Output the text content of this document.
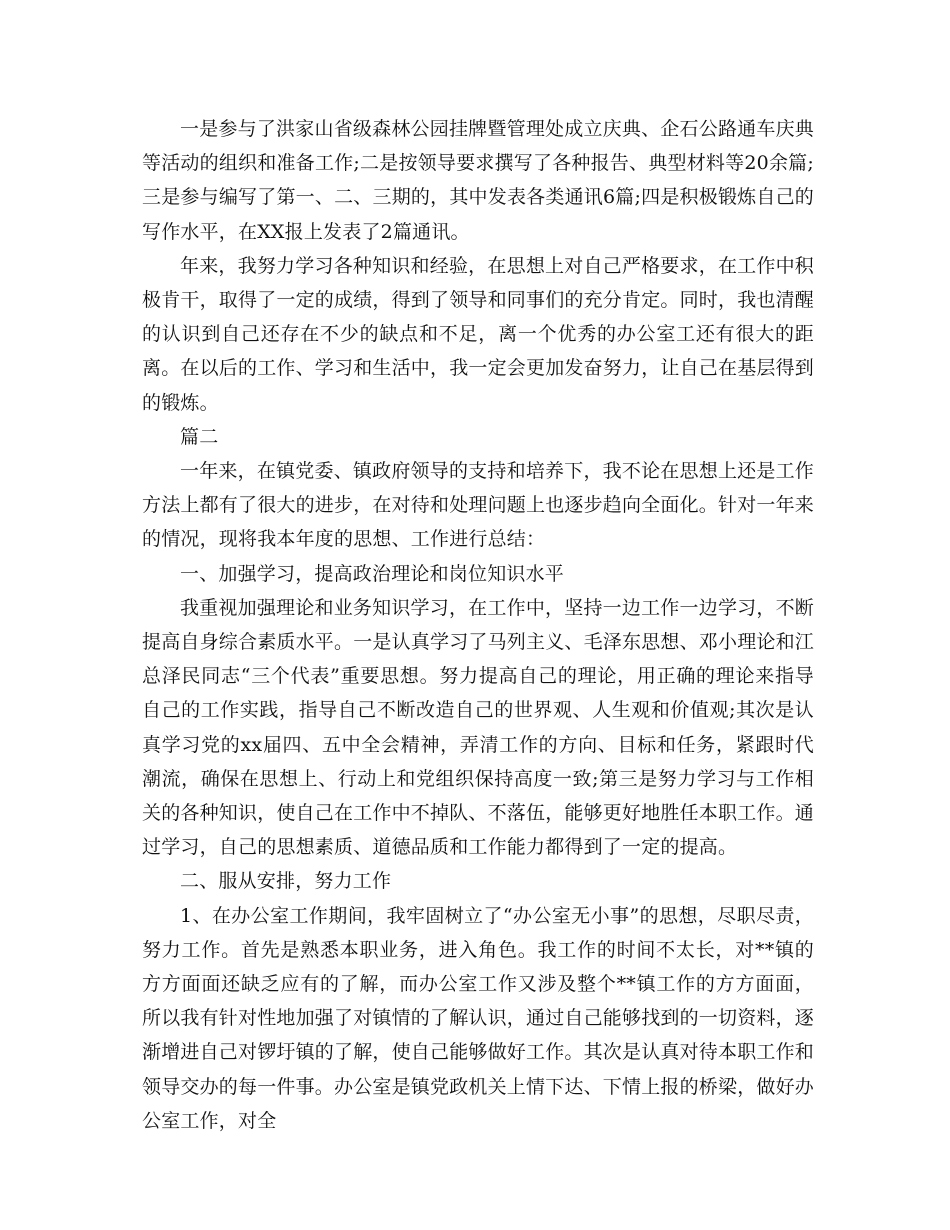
一是参与了洪家山省级森林公园挂牌暨管理处成立庆典、企石公路通车庆典等活动的组织和准备工作;二是按领导要求撰写了各种报告、典型材料等20余篇;三是参与编写了第一、二、三期的，其中发表各类通讯6篇;四是积极锻炼自己的写作水平，在XX报上发表了2篇通讯。

年来，我努力学习各种知识和经验，在思想上对自己严格要求，在工作中积极肯干，取得了一定的成绩，得到了领导和同事们的充分肯定。同时，我也清醒的认识到自己还存在不少的缺点和不足，离一个优秀的办公室工还有很大的距离。在以后的工作、学习和生活中，我一定会更加发奋努力，让自己在基层得到的锻炼。

篇二

一年来，在镇党委、镇政府领导的支持和培养下，我不论在思想上还是工作方法上都有了很大的进步，在对待和处理问题上也逐步趋向全面化。针对一年来的情况，现将我本年度的思想、工作进行总结：

一、加强学习，提高政治理论和岗位知识水平

我重视加强理论和业务知识学习，在工作中，坚持一边工作一边学习，不断提高自身综合素质水平。一是认真学习了马列主义、毛泽东思想、邓小理论和江总泽民同志“三个代表”重要思想。努力提高自己的理论，用正确的理论来指导自己的工作实践，指导自己不断改造自己的世界观、人生观和价值观;其次是认真学习党的xx届四、五中全会精神，弄清工作的方向、目标和任务，紧跟时代潮流，确保在思想上、行动上和党组织保持高度一致;第三是努力学习与工作相关的各种知识，使自己在工作中不掉队、不落伍，能够更好地胜任本职工作。通过学习，自己的思想素质、道德品质和工作能力都得到了一定的提高。

二、服从安排，努力工作

1、在办公室工作期间，我牢固树立了“办公室无小事”的思想，尽职尽责，努力工作。首先是熟悉本职业务，进入角色。我工作的时间不太长，对**镇的方方面面还缺乏应有的了解，而办公室工作又涉及整个**镇工作的方方面面，所以我有针对性地加强了对镇情的了解认识，通过自己能够找到的一切资料，逐渐增进自己对锣圩镇的了解，使自己能够做好工作。其次是认真对待本职工作和领导交办的每一件事。办公室是镇党政机关上情下达、下情上报的桥梁，做好办公室工作，对全
